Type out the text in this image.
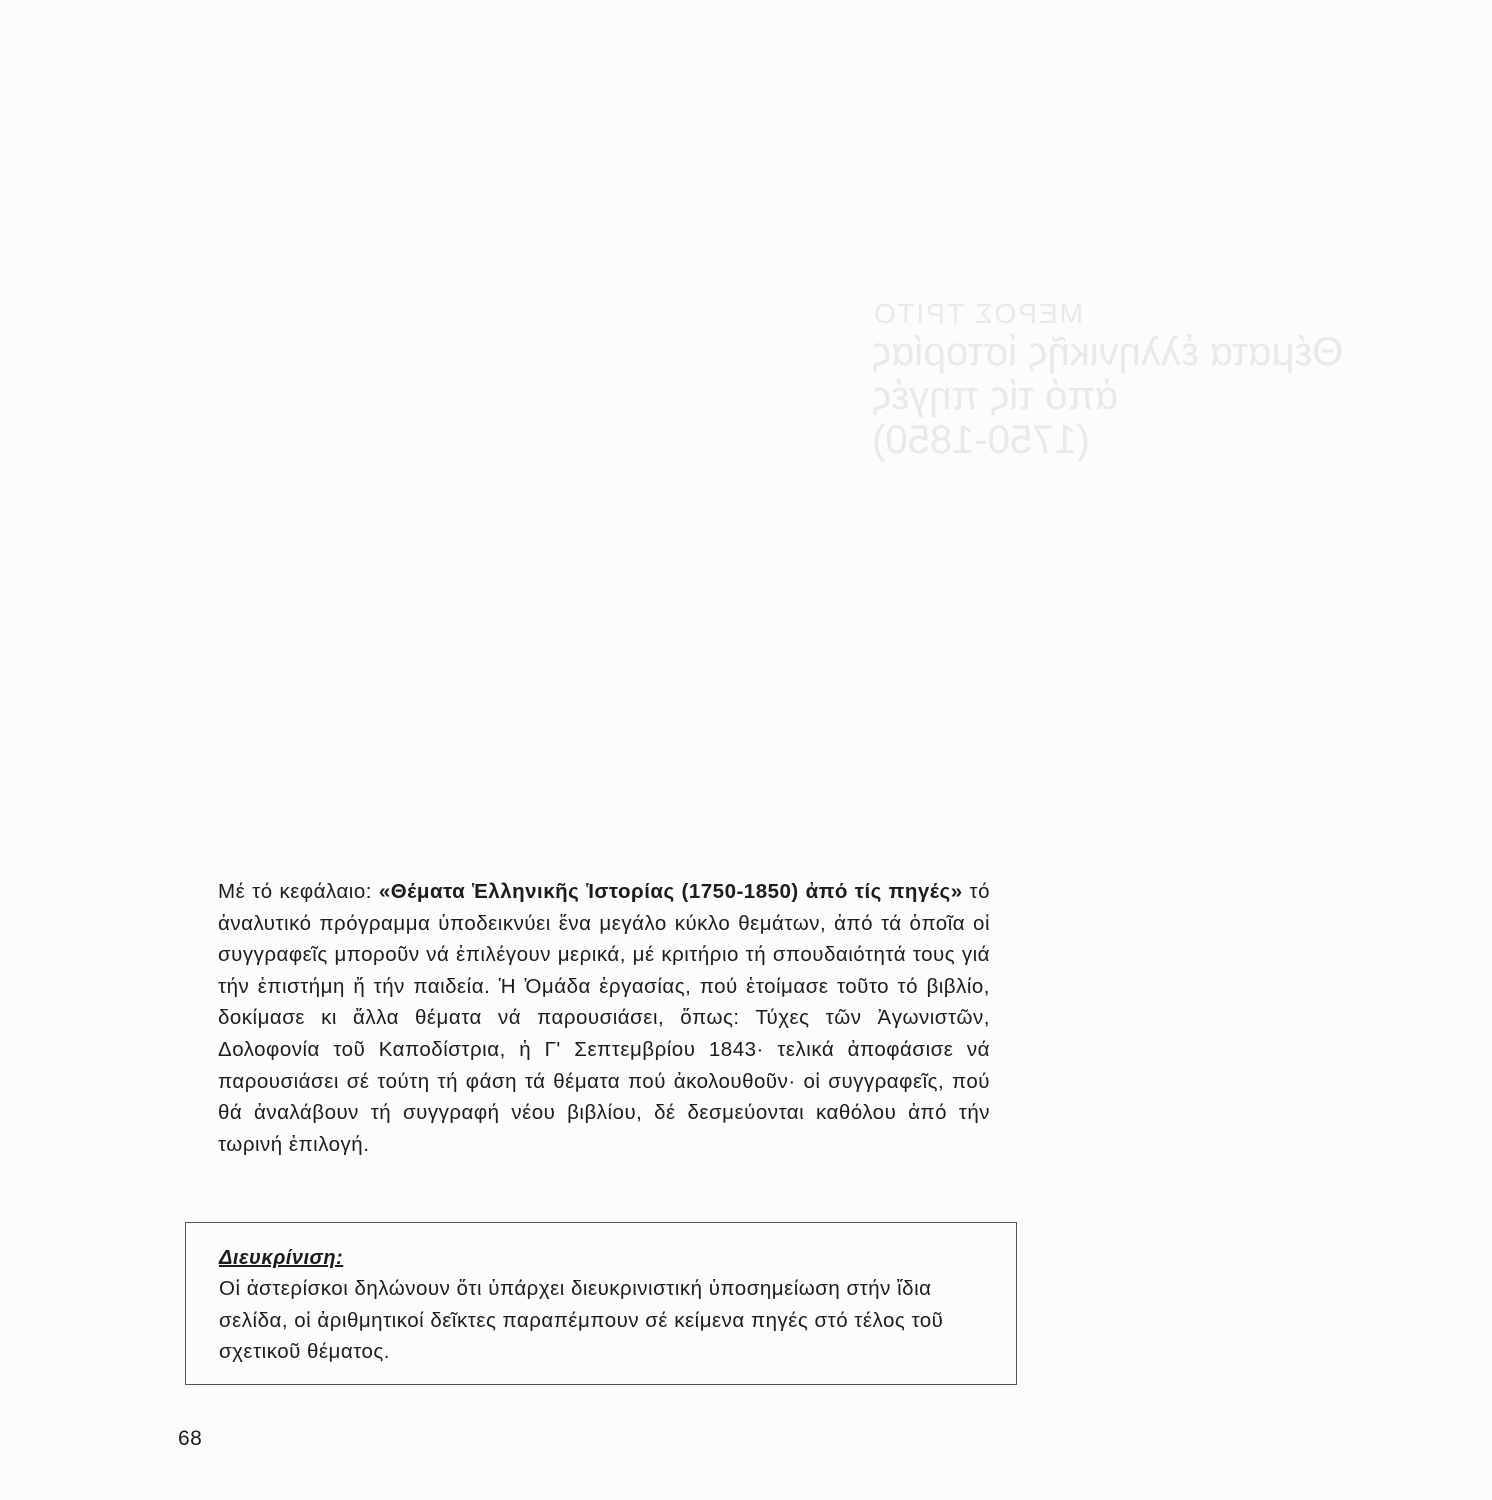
ΜΕΡΟΣ ΤΡΙΤΟ
Θέματα ἑλληνικῆς ἱστορίας
ἀπό τίς πηγές
(1750-1850)

Μέ τό κεφάλαιο: «Θέματα Ἑλληνικῆς Ἱστορίας (1750-1850) ἀπό τίς πηγές» τό ἀναλυτικό πρόγραμμα ὑποδεικνύει ἕνα μεγάλο κύκλο θεμάτων, ἀπό τά ὁποῖα οἱ συγγραφεῖς μποροῦν νά ἐπιλέγουν μερικά, μέ κριτήριο τή σπουδαιότητά τους γιά τήν ἐπιστήμη ἤ τήν παιδεία. Ἡ Ὁμάδα ἐργασίας, πού ἑτοίμασε τοῦτο τό βιβλίο, δοκίμασε κι ἄλλα θέματα νά παρουσιάσει, ὅπως: Τύχες τῶν Ἀγωνιστῶν, Δολοφονία τοῦ Καποδίστρια, ἡ Γ' Σεπτεμβρίου 1843· τελικά ἀποφάσισε νά παρουσιάσει σέ τούτη τή φάση τά θέματα πού ἀκολουθοῦν· οἱ συγγραφεῖς, πού θά ἀναλάβουν τή συγγραφή νέου βιβλίου, δέ δεσμεύονται καθόλου ἀπό τήν τωρινή ἐπιλογή.

Διευκρίνιση:
Οἱ ἀστερίσκοι δηλώνουν ὅτι ὑπάρχει διευκρινιστική ὑποσημείωση στήν ἴδια σελίδα, οἱ ἀριθμητικοί δεῖκτες παραπέμπουν σέ κείμενα πηγές στό τέλος τοῦ σχετικοῦ θέματος.
68
